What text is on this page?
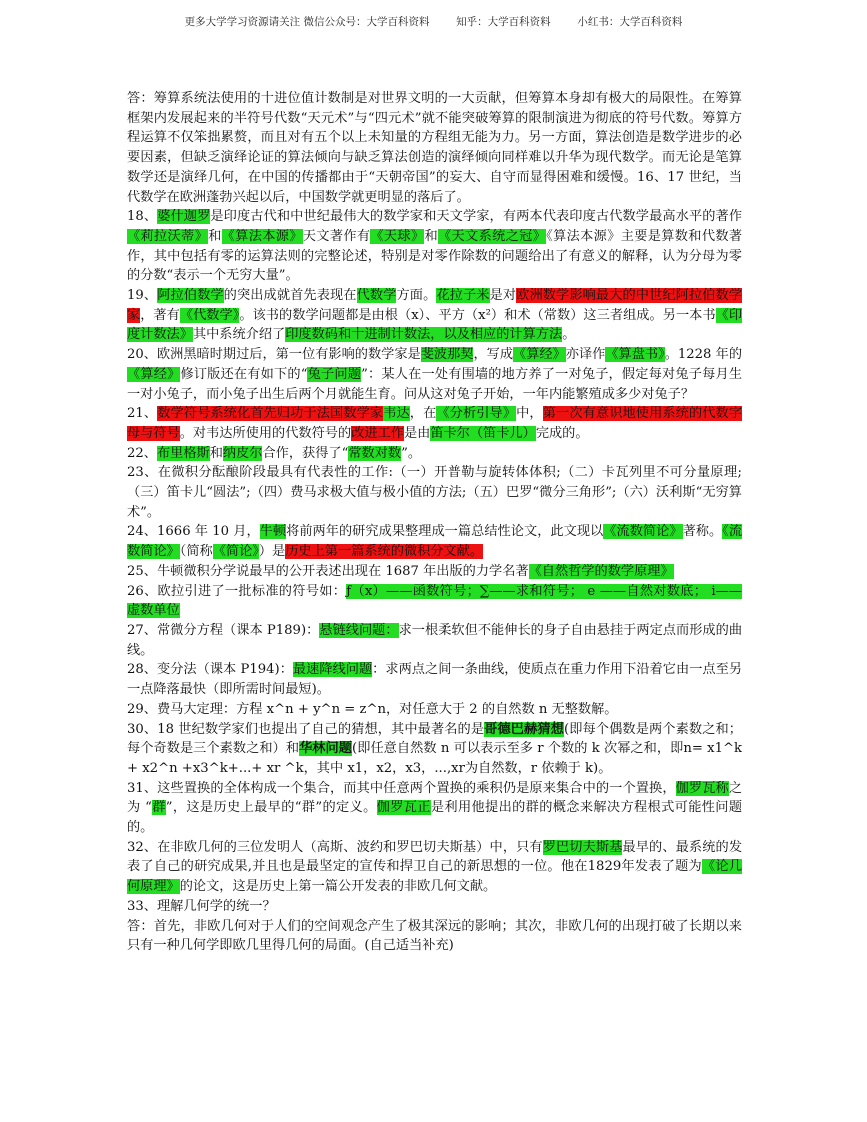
更多大学学习资源请关注 微信公众号：大学百科资料        知乎：大学百科资料        小红书：大学百科资料

答：筹算系统法使用的十进位值计数制是对世界文明的一大贡献，但筹算本身却有极大的局限性。在筹算框架内发展起来的半符号代数“天元术”与“四元术”就不能突破筹算的限制演进为彻底的符号代数。筹算方程运算不仅笨拙累赘，而且对有五个以上未知量的方程组无能为力。另一方面，算法创造是数学进步的必要因素，但缺乏演绎论证的算法倾向与缺乏算法创造的演绎倾向同样难以升华为现代数学。而无论是笔算数学还是演绎几何，在中国的传播都由于“天朝帝国”的妄大、自守而显得困难和缓慢。16、17 世纪，当代数学在欧洲蓬勃兴起以后，中国数学就更明显的落后了。

18、婆什迦罗是印度古代和中世纪最伟大的数学家和天文学家，有两本代表印度古代数学最高水平的著作《莉拉沃蒂》和《算法本源》天文著作有《天球》和《天文系统之冠》《算法本源》主要是算数和代数著作，其中包括有零的运算法则的完整论述，特别是对零作除数的问题给出了有意义的解释，认为分母为零的分数“表示一个无穷大量”。

19、阿拉伯数学的突出成就首先表现在代数学方面。花拉子米是对欧洲数学影响最大的中世纪阿拉伯数学家，著有《代数学》。该书的数学问题都是由根（x）、平方（x²）和术（常数）这三者组成。另一本书《印度计数法》其中系统介绍了印度数码和十进制计数法，以及相应的计算方法。

20、欧洲黑暗时期过后，第一位有影响的数学家是斐波那契，写成《算经》亦译作《算盘书》。1228 年的《算经》修订版还在有如下的“兔子问题”：某人在一处有围墙的地方养了一对兔子，假定每对兔子每月生一对小兔子，而小兔子出生后两个月就能生育。问从这对兔子开始，一年内能繁殖成多少对兔子？

21、数学符号系统化首先归功于法国数学家韦达，在《分析引导》中，第一次有意识地使用系统的代数字母与符号。对韦达所使用的代数符号的改进工作是由笛卡尔（笛卡儿）完成的。

22、布里格斯和纳皮尔合作，获得了“常数对数”。

23、在微积分酝酿阶段最具有代表性的工作:（一）开普勒与旋转体体积;（二）卡瓦列里不可分量原理;（三）笛卡儿“圆法”;（四）费马求极大值与极小值的方法;（五）巴罗“微分三角形”;（六）沃利斯“无穷算术”。

24、1666 年 10 月，牛顿将前两年的研究成果整理成一篇总结性论文，此文现以《流数简论》著称。《流数简论》（简称《简论》）是历史上第一篇系统的微积分文献。

25、牛顿微积分学说最早的公开表述出现在 1687 年出版的力学名著《自然哲学的数学原理》

26、欧拉引进了一批标准的符号如：ƒ（x）——函数符号；∑——求和符号； e ——自然对数底； i——虚数单位

27、常微分方程（课本 P189)：悬链线问题：求一根柔软但不能伸长的身子自由悬挂于两定点而形成的曲线。

28、变分法（课本 P194)：最速降线问题：求两点之间一条曲线，使质点在重力作用下沿着它由一点至另一点降落最快（即所需时间最短)。

29、费马大定理：方程 x^n + y^n = z^n，对任意大于 2 的自然数 n 无整数解。

30、18 世纪数学家们也提出了自己的猜想，其中最著名的是哥德巴赫猜想(即每个偶数是两个素数之和；每个奇数是三个素数之和）和华林问题(即任意自然数 n 可以表示至多 r 个数的 k 次幂之和，即n= x1^k+ x2^n +x3^k+...+ xr ^k，其中 x1，x2，x3，...,xr为自然数，r 依赖于 k)。

31、这些置换的全体构成一个集合，而其中任意两个置换的乘积仍是原来集合中的一个置换，伽罗瓦称之为 “群”，这是历史上最早的“群”的定义。伽罗瓦正是利用他提出的群的概念来解决方程根式可能性问题的。

32、在非欧几何的三位发明人（高斯、波约和罗巴切夫斯基）中，只有罗巴切夫斯基最早的、最系统的发表了自己的研究成果,并且也是最坚定的宣传和捍卫自己的新思想的一位。他在1829年发表了题为《论几何原理》的论文，这是历史上第一篇公开发表的非欧几何文献。

33、理解几何学的统一？

答：首先，非欧几何对于人们的空间观念产生了极其深远的影响；其次，非欧几何的出现打破了长期以来只有一种几何学即欧几里得几何的局面。(自己适当补充)
